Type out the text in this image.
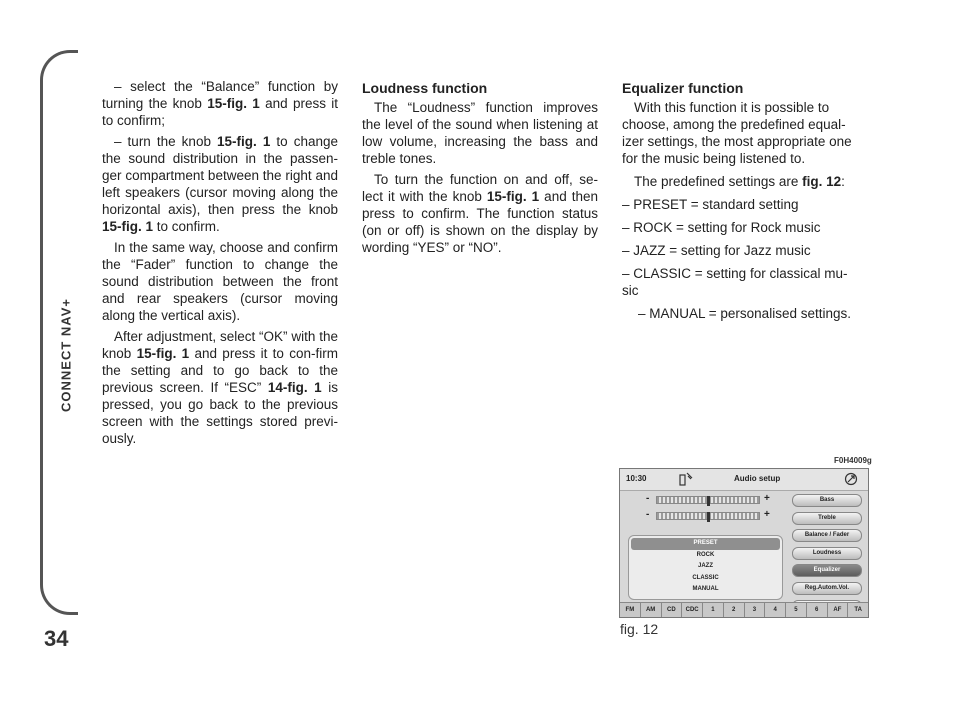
CONNECT NAV+
34

– select the “Balance” function by turning the knob 15-fig. 1 and press it to confirm;

– turn the knob 15-fig. 1 to change the sound distribution in the passen-ger compartment between the right and left speakers (cursor moving along the horizontal axis), then press the knob 15-fig. 1 to confirm.

In the same way, choose and confirm the “Fader” function to change the sound distribution between the front and rear speakers (cursor moving along the vertical axis).

After adjustment, select “OK” with the knob 15-fig. 1 and press it to con-firm the setting and to go back to the previous screen. If “ESC” 14-fig. 1 is pressed, you go back to the previous screen with the settings stored previ-ously.

Loudness function

The “Loudness” function improves the level of the sound when listening at low volume, increasing the bass and treble tones.

To turn the function on and off, se-lect it with the knob 15-fig. 1 and then press to confirm. The function status (on or off) is shown on the display by wording “YES” or “NO”.

Equalizer function

With this function it is possible to choose, among the predefined equal-izer settings, the most appropriate one for the music being listened to.

The predefined settings are fig. 12:

– PRESET = standard setting

– ROCK = setting for Rock music

– JAZZ = setting for Jazz music

– CLASSIC = setting for classical mu-sic

– MANUAL = personalised settings.

F0H4009g
10:30	Audio setup
-	+
-	+
Bass
Treble
Balance / Fader
Loudness
Equalizer
Reg.Autom.Vol.
PRESET
ROCK
JAZZ
CLASSIC
MANUAL
FM	AM	CD	CDC	1	2	3	4	5	6	AF	TA
fig. 12
